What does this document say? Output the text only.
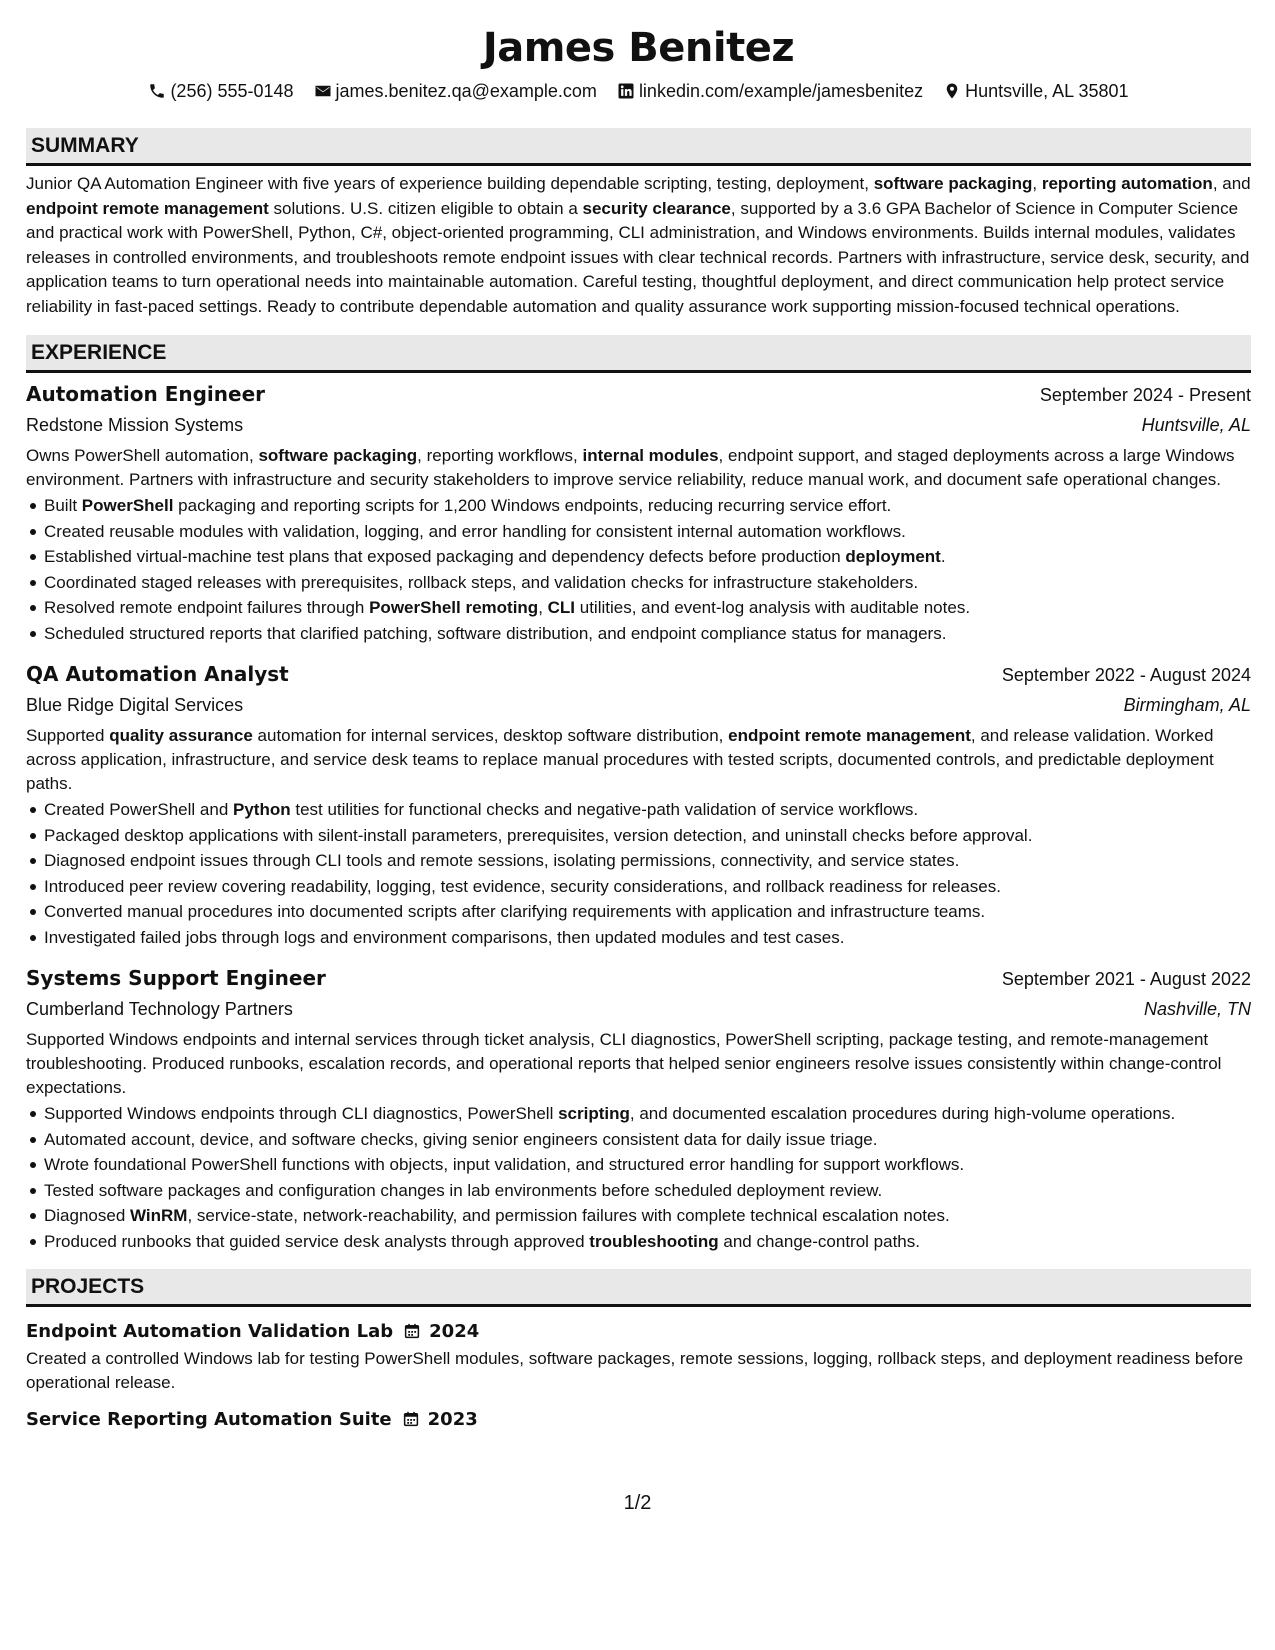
James Benitez
(256) 555-0148 james.benitez.qa@example.com linkedin.com/example/jamesbenitez Huntsville, AL 35801
SUMMARY
Junior QA Automation Engineer with five years of experience building dependable scripting, testing, deployment, software packaging, reporting automation, and endpoint remote management solutions. U.S. citizen eligible to obtain a security clearance, supported by a 3.6 GPA Bachelor of Science in Computer Science and practical work with PowerShell, Python, C#, object-oriented programming, CLI administration, and Windows environments. Builds internal modules, validates releases in controlled environments, and troubleshoots remote endpoint issues with clear technical records. Partners with infrastructure, service desk, security, and application teams to turn operational needs into maintainable automation. Careful testing, thoughtful deployment, and direct communication help protect service reliability in fast-paced settings. Ready to contribute dependable automation and quality assurance work supporting mission-focused technical operations.
EXPERIENCE
Automation Engineer	September 2024 - Present
Redstone Mission Systems	Huntsville, AL
Owns PowerShell automation, software packaging, reporting workflows, internal modules, endpoint support, and staged deployments across a large Windows environment. Partners with infrastructure and security stakeholders to improve service reliability, reduce manual work, and document safe operational changes.
Built PowerShell packaging and reporting scripts for 1,200 Windows endpoints, reducing recurring service effort.
Created reusable modules with validation, logging, and error handling for consistent internal automation workflows.
Established virtual-machine test plans that exposed packaging and dependency defects before production deployment.
Coordinated staged releases with prerequisites, rollback steps, and validation checks for infrastructure stakeholders.
Resolved remote endpoint failures through PowerShell remoting, CLI utilities, and event-log analysis with auditable notes.
Scheduled structured reports that clarified patching, software distribution, and endpoint compliance status for managers.
QA Automation Analyst	September 2022 - August 2024
Blue Ridge Digital Services	Birmingham, AL
Supported quality assurance automation for internal services, desktop software distribution, endpoint remote management, and release validation. Worked across application, infrastructure, and service desk teams to replace manual procedures with tested scripts, documented controls, and predictable deployment paths.
Created PowerShell and Python test utilities for functional checks and negative-path validation of service workflows.
Packaged desktop applications with silent-install parameters, prerequisites, version detection, and uninstall checks before approval.
Diagnosed endpoint issues through CLI tools and remote sessions, isolating permissions, connectivity, and service states.
Introduced peer review covering readability, logging, test evidence, security considerations, and rollback readiness for releases.
Converted manual procedures into documented scripts after clarifying requirements with application and infrastructure teams.
Investigated failed jobs through logs and environment comparisons, then updated modules and test cases.
Systems Support Engineer	September 2021 - August 2022
Cumberland Technology Partners	Nashville, TN
Supported Windows endpoints and internal services through ticket analysis, CLI diagnostics, PowerShell scripting, package testing, and remote-management troubleshooting. Produced runbooks, escalation records, and operational reports that helped senior engineers resolve issues consistently within change-control expectations.
Supported Windows endpoints through CLI diagnostics, PowerShell scripting, and documented escalation procedures during high-volume operations.
Automated account, device, and software checks, giving senior engineers consistent data for daily issue triage.
Wrote foundational PowerShell functions with objects, input validation, and structured error handling for support workflows.
Tested software packages and configuration changes in lab environments before scheduled deployment review.
Diagnosed WinRM, service-state, network-reachability, and permission failures with complete technical escalation notes.
Produced runbooks that guided service desk analysts through approved troubleshooting and change-control paths.
PROJECTS
Endpoint Automation Validation Lab 2024
Created a controlled Windows lab for testing PowerShell modules, software packages, remote sessions, logging, rollback steps, and deployment readiness before operational release.
Service Reporting Automation Suite 2023
1/2
